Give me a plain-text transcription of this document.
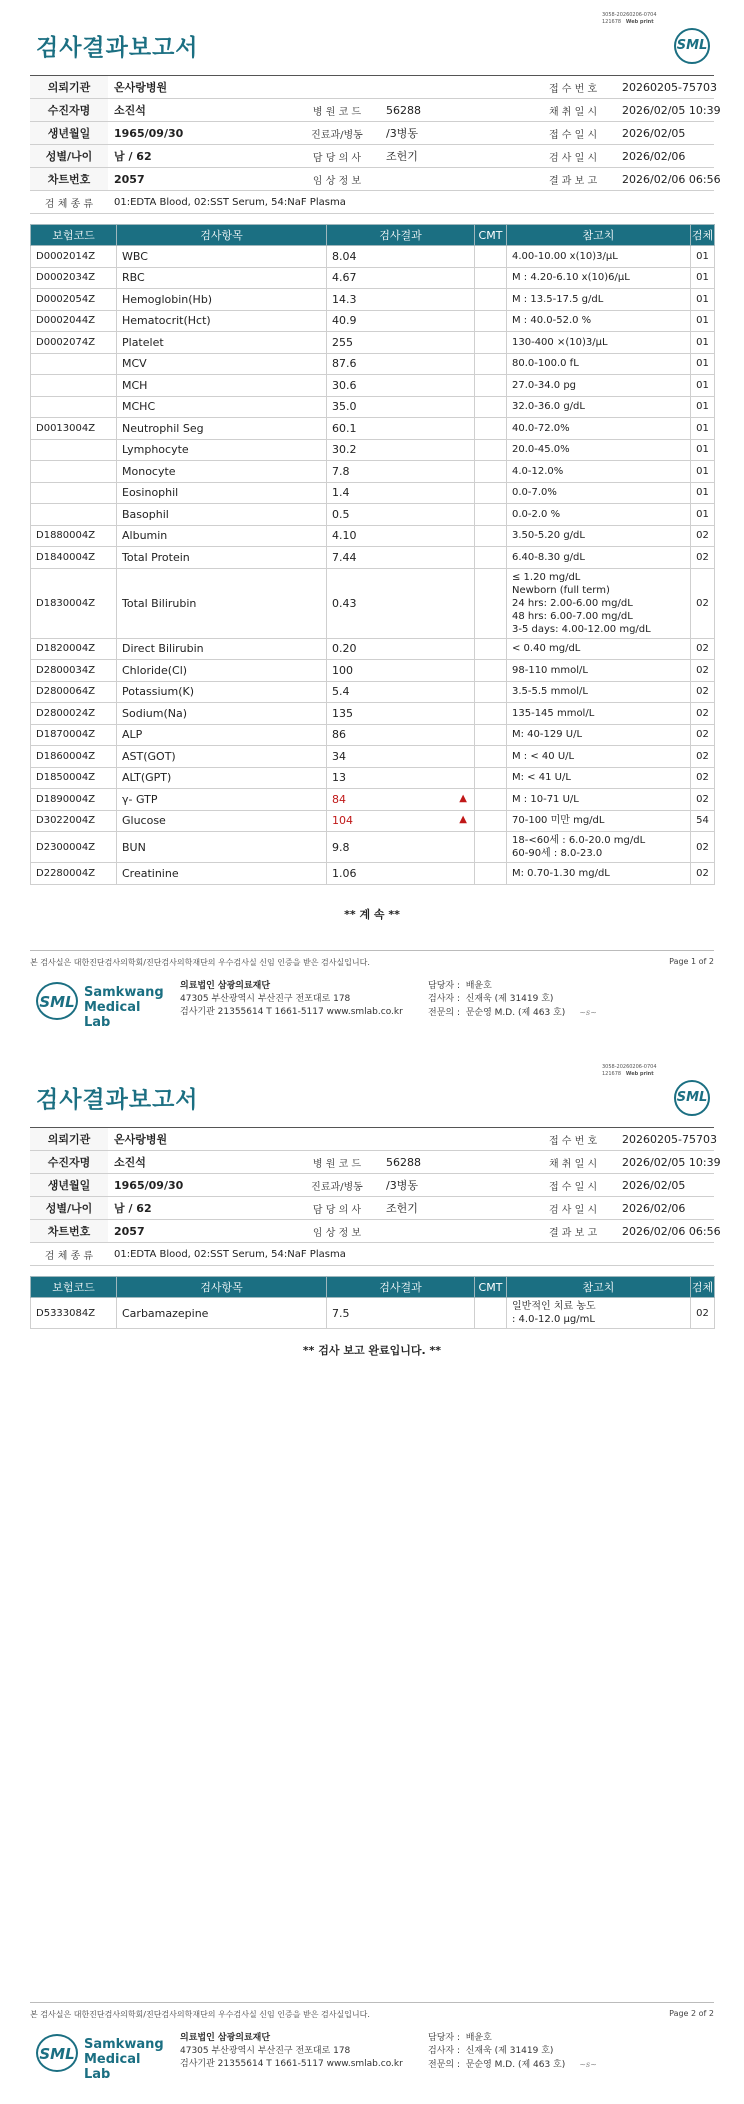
3058-20260206-0704
121678 Web print
검사결과보고서	SML
의뢰기관	온사랑병원			접 수 번 호	20260205-75703
수진자명	소진석	병 원 코 드	56288	채 취 일 시	2026/02/05 10:39
생년월일	1965/09/30	진료과/병동	/3병동	접 수 일 시	2026/02/05
성별/나이	남 / 62	담 당 의 사	조헌기	검 사 일 시	2026/02/06
차트번호	2057	임 상 정 보		결 과 보 고	2026/02/06 06:56
검 체 종 류	01:EDTA Blood, 02:SST Serum, 54:NaF Plasma				
보험코드	검사항목	검사결과	CMT	참고치	검체
D0002014Z	WBC	8.04		4.00-10.00 x(10)3/μL	01
D0002034Z	RBC	4.67		M : 4.20-6.10 x(10)6/μL	01
D0002054Z	Hemoglobin(Hb)	14.3		M : 13.5-17.5 g/dL	01
D0002044Z	Hematocrit(Hct)	40.9		M : 40.0-52.0 %	01
D0002074Z	Platelet	255		130-400 ×(10)3/μL	01
	MCV	87.6		80.0-100.0 fL	01
	MCH	30.6		27.0-34.0 pg	01
	MCHC	35.0		32.0-36.0 g/dL	01
D0013004Z	Neutrophil Seg	60.1		40.0-72.0%	01
	Lymphocyte	30.2		20.0-45.0%	01
	Monocyte	7.8		4.0-12.0%	01
	Eosinophil	1.4		0.0-7.0%	01
	Basophil	0.5		0.0-2.0 %	01
D1880004Z	Albumin	4.10		3.50-5.20 g/dL	02
D1840004Z	Total Protein	7.44		6.40-8.30 g/dL	02
D1830004Z	Total Bilirubin	0.43		≤ 1.20 mg/dL
Newborn (full term)
24 hrs: 2.00-6.00 mg/dL
48 hrs: 6.00-7.00 mg/dL
3-5 days: 4.00-12.00 mg/dL	02
D1820004Z	Direct Bilirubin	0.20		< 0.40 mg/dL	02
D2800034Z	Chloride(Cl)	100		98-110 mmol/L	02
D2800064Z	Potassium(K)	5.4		3.5-5.5 mmol/L	02
D2800024Z	Sodium(Na)	135		135-145 mmol/L	02
D1870004Z	ALP	86		M: 40-129 U/L	02
D1860004Z	AST(GOT)	34		M : < 40 U/L	02
D1850004Z	ALT(GPT)	13		M: < 41 U/L	02
D1890004Z	γ- GTP	▲
84		M : 10-71 U/L	02
D3022004Z	Glucose	▲
104		70-100 미만 mg/dL	54
D2300004Z	BUN	9.8		18-<60세 : 6.0-20.0 mg/dL
60-90세 : 8.0-23.0	02
D2280004Z	Creatinine	1.06		M: 0.70-1.30 mg/dL	02
** 계 속 **
본 검사실은 대한진단검사의학회/진단검사의학재단의 우수검사실 신임 인증을 받은 검사실입니다.	Page 1 of 2
SML
Samkwang
Medical Lab
의료법인 삼광의료재단
47305 부산광역시 부산진구 전포대로 178
검사기관 21355614 T 1661-5117 www.smlab.co.kr
담당자 : 배윤호
검사자 : 신재욱 (제 31419 호)
전문의 : 문순영 M.D. (제 463 호) ~s~
3058-20260206-0704
121678 Web print
검사결과보고서	SML
의뢰기관	온사랑병원			접 수 번 호	20260205-75703
수진자명	소진석	병 원 코 드	56288	채 취 일 시	2026/02/05 10:39
생년월일	1965/09/30	진료과/병동	/3병동	접 수 일 시	2026/02/05
성별/나이	남 / 62	담 당 의 사	조헌기	검 사 일 시	2026/02/06
차트번호	2057	임 상 정 보		결 과 보 고	2026/02/06 06:56
검 체 종 류	01:EDTA Blood, 02:SST Serum, 54:NaF Plasma				
보험코드	검사항목	검사결과	CMT	참고치	검체
D5333084Z	Carbamazepine	7.5		일반적인 치료 농도
: 4.0-12.0 μg/mL	02
** 검사 보고 완료입니다. **
본 검사실은 대한진단검사의학회/진단검사의학재단의 우수검사실 신임 인증을 받은 검사실입니다.	Page 2 of 2
SML
Samkwang
Medical Lab
의료법인 삼광의료재단
47305 부산광역시 부산진구 전포대로 178
검사기관 21355614 T 1661-5117 www.smlab.co.kr
담당자 : 배윤호
검사자 : 신재욱 (제 31419 호)
전문의 : 문순영 M.D. (제 463 호) ~s~
